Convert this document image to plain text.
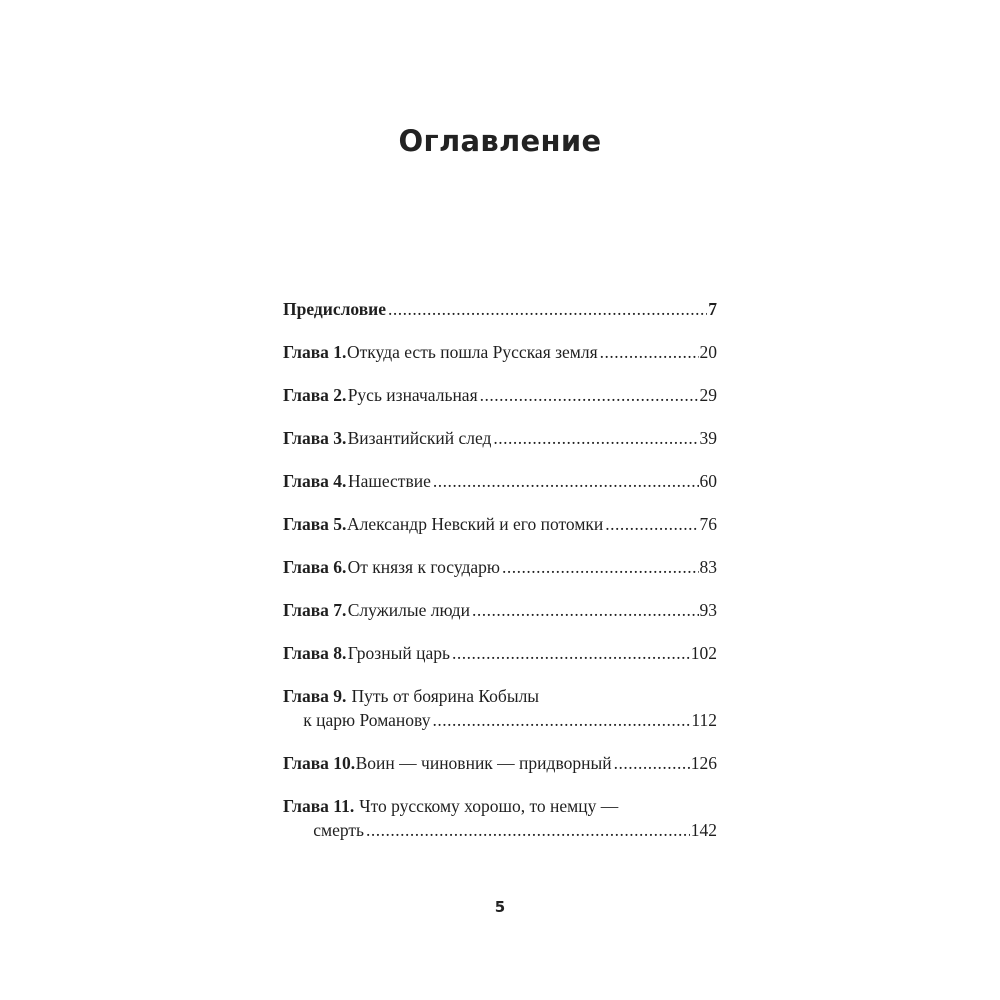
Оглавление
Предисловие .....	7
Глава 1. Откуда есть пошла Русская земля .....	20
Глава 2. Русь изначальная .....	29
Глава 3. Византийский след .....	39
Глава 4. Нашествие .....	60
Глава 5. Александр Невский и его потомки .....	76
Глава 6. От князя к государю .....	83
Глава 7. Служилые люди .....	93
Глава 8. Грозный царь .....	102
Глава 9. Путь от боярина Кобылы
к царю Романову .....	112
Глава 10. Воин — чиновник — придворный .....	126
Глава 11. Что русскому хорошо, то немцу —
смерть .....	142
5
